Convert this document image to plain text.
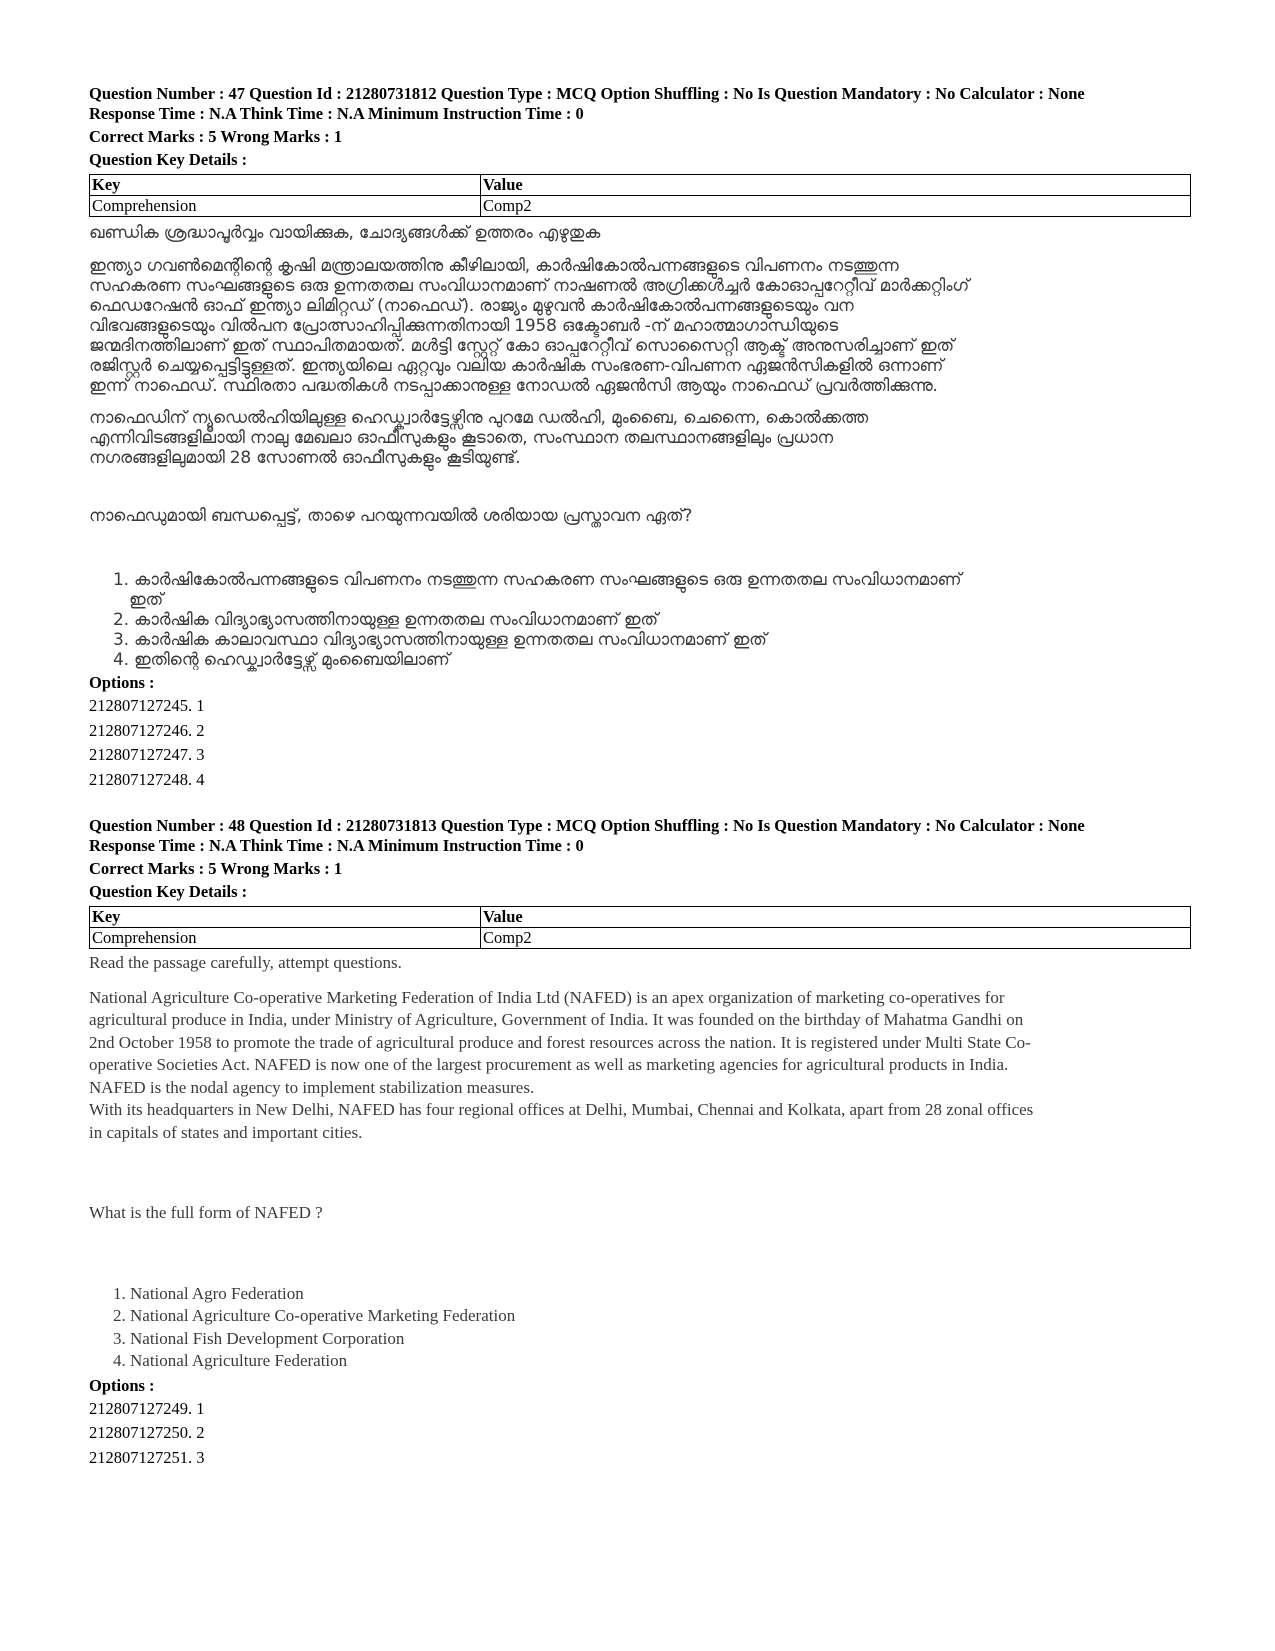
Question Number : 47 Question Id : 21280731812 Question Type : MCQ Option Shuffling : No Is Question Mandatory : No Calculator : None

Response Time : N.A Think Time : N.A Minimum Instruction Time : 0

Correct Marks : 5 Wrong Marks : 1

Question Key Details :

Key	Value
Comprehension	Comp2

ഖണ്ഡിക ശ്രദ്ധാപൂർവ്വം വായിക്കുക, ചോദ്യങ്ങൾക്ക് ഉത്തരം എഴുതുക

ഇന്ത്യാ ഗവൺമെന്റിന്റെ കൃഷി മന്ത്രാലയത്തിനു കീഴിലായി, കാർഷികോൽപന്നങ്ങളുടെ വിപണനം നടത്തുന്ന

സഹകരണ സംഘങ്ങളുടെ ഒരു ഉന്നതതല സംവിധാനമാണ് നാഷണൽ അഗ്രിക്കൾച്ചർ കോഓപ്പറേറ്റീവ് മാർക്കറ്റിംഗ്

ഫെഡറേഷൻ ഓഫ് ഇന്ത്യാ ലിമിറ്റഡ് (നാഫെഡ്). രാജ്യം മുഴുവൻ കാർഷികോൽപന്നങ്ങളുടെയും വന

വിഭവങ്ങളുടെയും വിൽപന പ്രോത്സാഹിപ്പിക്കുന്നതിനായി 1958 ഒക്ടോബർ -ന് മഹാത്മാഗാന്ധിയുടെ

ജന്മദിനത്തിലാണ് ഇത് സ്ഥാപിതമായത്. മൾട്ടി സ്റ്റേറ്റ് കോ ഓപ്പറേറ്റീവ് സൊസൈറ്റി ആക്ട് അനുസരിച്ചാണ് ഇത്

രജിസ്റ്റർ ചെയ്യപ്പെട്ടിട്ടുള്ളത്. ഇന്ത്യയിലെ ഏറ്റവും വലിയ കാർഷിക സംഭരണ-വിപണന ഏജൻസികളിൽ ഒന്നാണ്

ഇന്ന് നാഫെഡ്. സ്ഥിരതാ പദ്ധതികൾ നടപ്പാക്കാനുള്ള നോഡൽ ഏജൻസി ആയും നാഫെഡ് പ്രവർത്തിക്കുന്നു.

നാഫെഡിന് ന്യൂഡെൽഹിയിലുള്ള ഹെഡ്ക്വാർട്ടേഴ്സിനു പുറമേ ഡൽഹി, മുംബൈ, ചെന്നൈ, കൊൽക്കത്ത

എന്നിവിടങ്ങളിലായി നാലു മേഖലാ ഓഫീസുകളും കൂടാതെ, സംസ്ഥാന തലസ്ഥാനങ്ങളിലും പ്രധാന

നഗരങ്ങളിലുമായി 28 സോണൽ ഓഫീസുകളും കൂടിയുണ്ട്.

നാഫെഡുമായി ബന്ധപ്പെട്ട്, താഴെ പറയുന്നവയിൽ ശരിയായ പ്രസ്താവന ഏത്?

1. കാർഷികോൽപന്നങ്ങളുടെ വിപണനം നടത്തുന്ന സഹകരണ സംഘങ്ങളുടെ ഒരു ഉന്നതതല സംവിധാനമാണ്
ഇത്
2. കാർഷിക വിദ്യാഭ്യാസത്തിനായുള്ള ഉന്നതതല സംവിധാനമാണ് ഇത്
3. കാർഷിക കാലാവസ്ഥാ വിദ്യാഭ്യാസത്തിനായുള്ള ഉന്നതതല സംവിധാനമാണ് ഇത്
4. ഇതിന്റെ ഹെഡ്ക്വാർട്ടേഴ്സ് മുംബൈയിലാണ്

Options :

212807127245. 1

212807127246. 2

212807127247. 3

212807127248. 4

Question Number : 48 Question Id : 21280731813 Question Type : MCQ Option Shuffling : No Is Question Mandatory : No Calculator : None

Response Time : N.A Think Time : N.A Minimum Instruction Time : 0

Correct Marks : 5 Wrong Marks : 1

Question Key Details :

Key	Value
Comprehension	Comp2

Read the passage carefully, attempt questions.

National Agriculture Co-operative Marketing Federation of India Ltd (NAFED) is an apex organization of marketing co-operatives for

agricultural produce in India, under Ministry of Agriculture, Government of India. It was founded on the birthday of Mahatma Gandhi on

2nd October 1958 to promote the trade of agricultural produce and forest resources across the nation. It is registered under Multi State Co-

operative Societies Act. NAFED is now one of the largest procurement as well as marketing agencies for agricultural products in India.

NAFED is the nodal agency to implement stabilization measures.

With its headquarters in New Delhi, NAFED has four regional offices at Delhi, Mumbai, Chennai and Kolkata, apart from 28 zonal offices

in capitals of states and important cities.

What is the full form of NAFED ?

1. National Agro Federation
2. National Agriculture Co-operative Marketing Federation
3. National Fish Development Corporation
4. National Agriculture Federation

Options :

212807127249. 1

212807127250. 2

212807127251. 3
